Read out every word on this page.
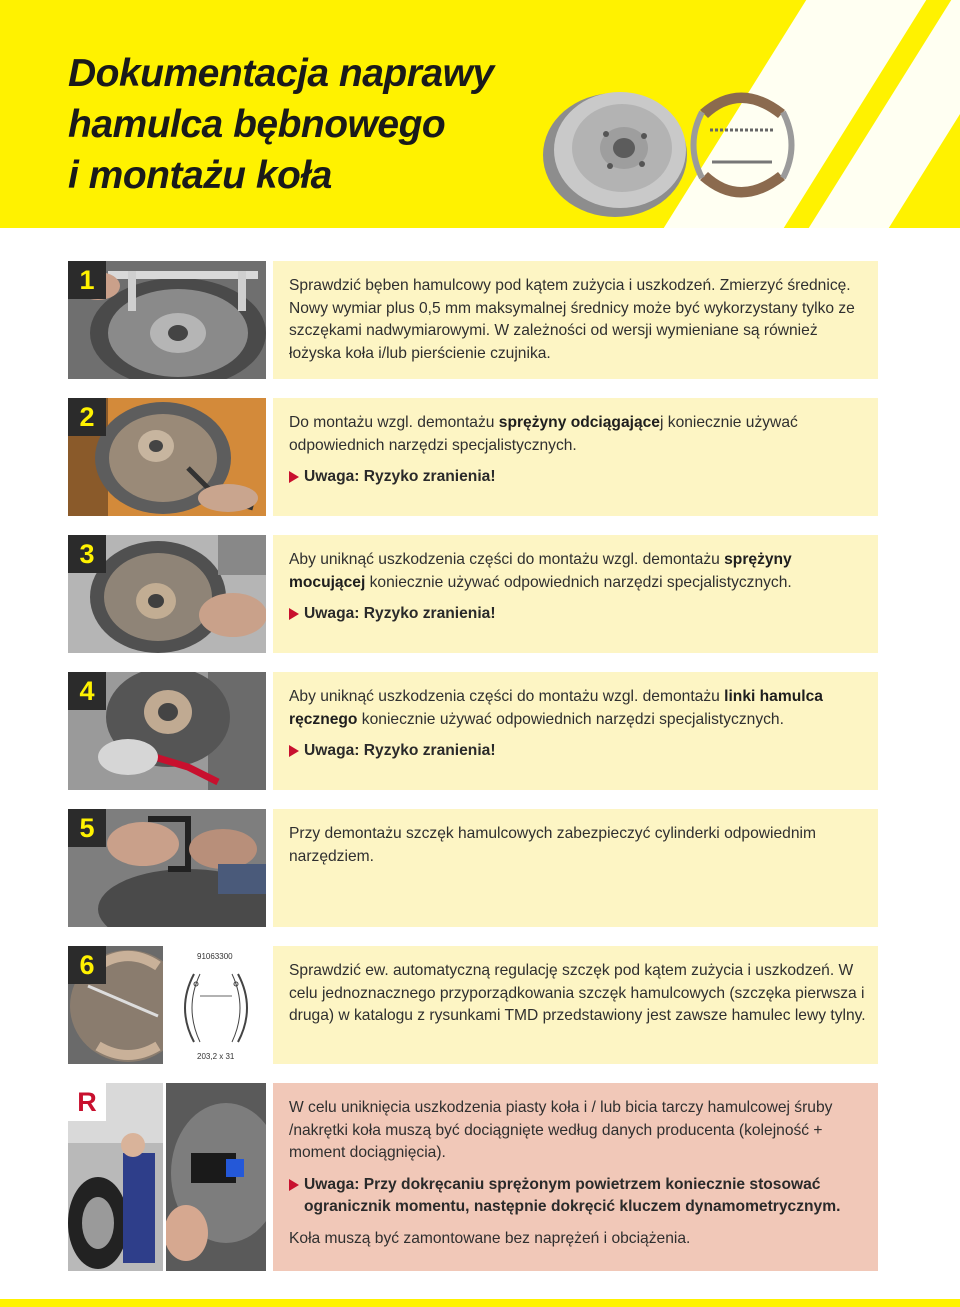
Dokumentacja naprawy
hamulca bębnowego
i montażu koła
1	Sprawdzić bęben hamulcowy pod kątem zużycia i uszkodzeń. Zmierzyć średnicę. Nowy wymiar plus 0,5 mm maksymalnej średnicy może być wykorzystany tylko ze szczękami nadwymiarowymi. W zależności od wersji wymieniane są również łożyska koła i/lub pierścienie czujnika.

2	Do montażu wzgl. demontażu sprężyny odciągającej koniecznie używać odpowiednich narzędzi specjalistycznych.

Uwaga: Ryzyko zranienia!

3	Aby uniknąć uszkodzenia części do montażu wzgl. demontażu sprężyny mocującej koniecznie używać odpowiednich narzędzi specjalistycznych.

Uwaga: Ryzyko zranienia!

4	Aby uniknąć uszkodzenia części do montażu wzgl. demontażu linki hamulca ręcznego koniecznie używać odpowiednich narzędzi specjalistycznych.

Uwaga: Ryzyko zranienia!

5	Przy demontażu szczęk hamulcowych zabezpieczyć cylinderki odpowiednim narzędziem.

91063300
203,2 x 31
6	Sprawdzić ew. automatyczną regulację szczęk pod kątem zużycia i uszkodzeń. W celu jednoznacznego przyporządkowania szczęk hamulcowych (szczęka pierwsza i druga) w katalogu z rysunkami TMD przedstawiony jest zawsze hamulec lewy tylny.

R	W celu uniknięcia uszkodzenia piasty koła i / lub bicia tarczy hamulcowej śruby /nakrętki koła muszą być dociągnięte według danych producenta (kolejność + moment dociągnięcia).

Uwaga: Przy dokręcaniu sprężonym powietrzem koniecznie stosować ogranicznik momentu, następnie dokręcić kluczem dynamometrycznym.

Koła muszą być zamontowane bez naprężeń i obciążenia.
